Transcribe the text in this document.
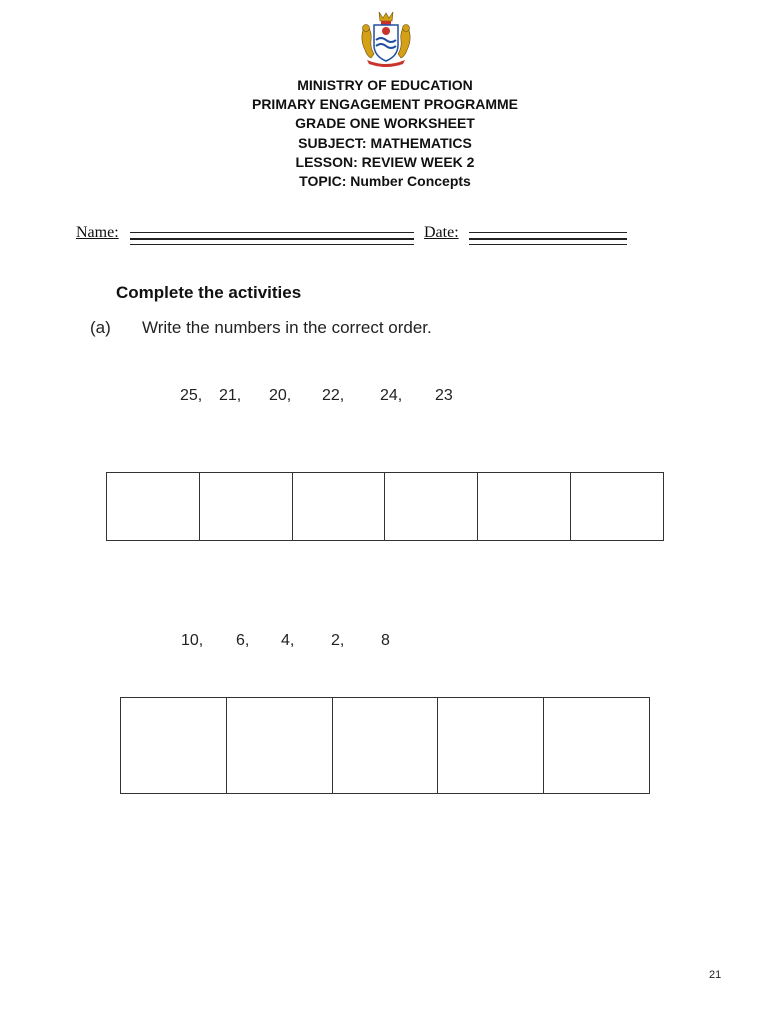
MINISTRY OF EDUCATION
PRIMARY ENGAGEMENT PROGRAMME
GRADE ONE WORKSHEET
SUBJECT: MATHEMATICS
LESSON: REVIEW WEEK 2
TOPIC: Number Concepts
Name:	Date:
Complete the activities
(a) Write the numbers in the correct order.
25, 21, 20, 22, 24, 23
10, 6, 4, 2, 8
21
